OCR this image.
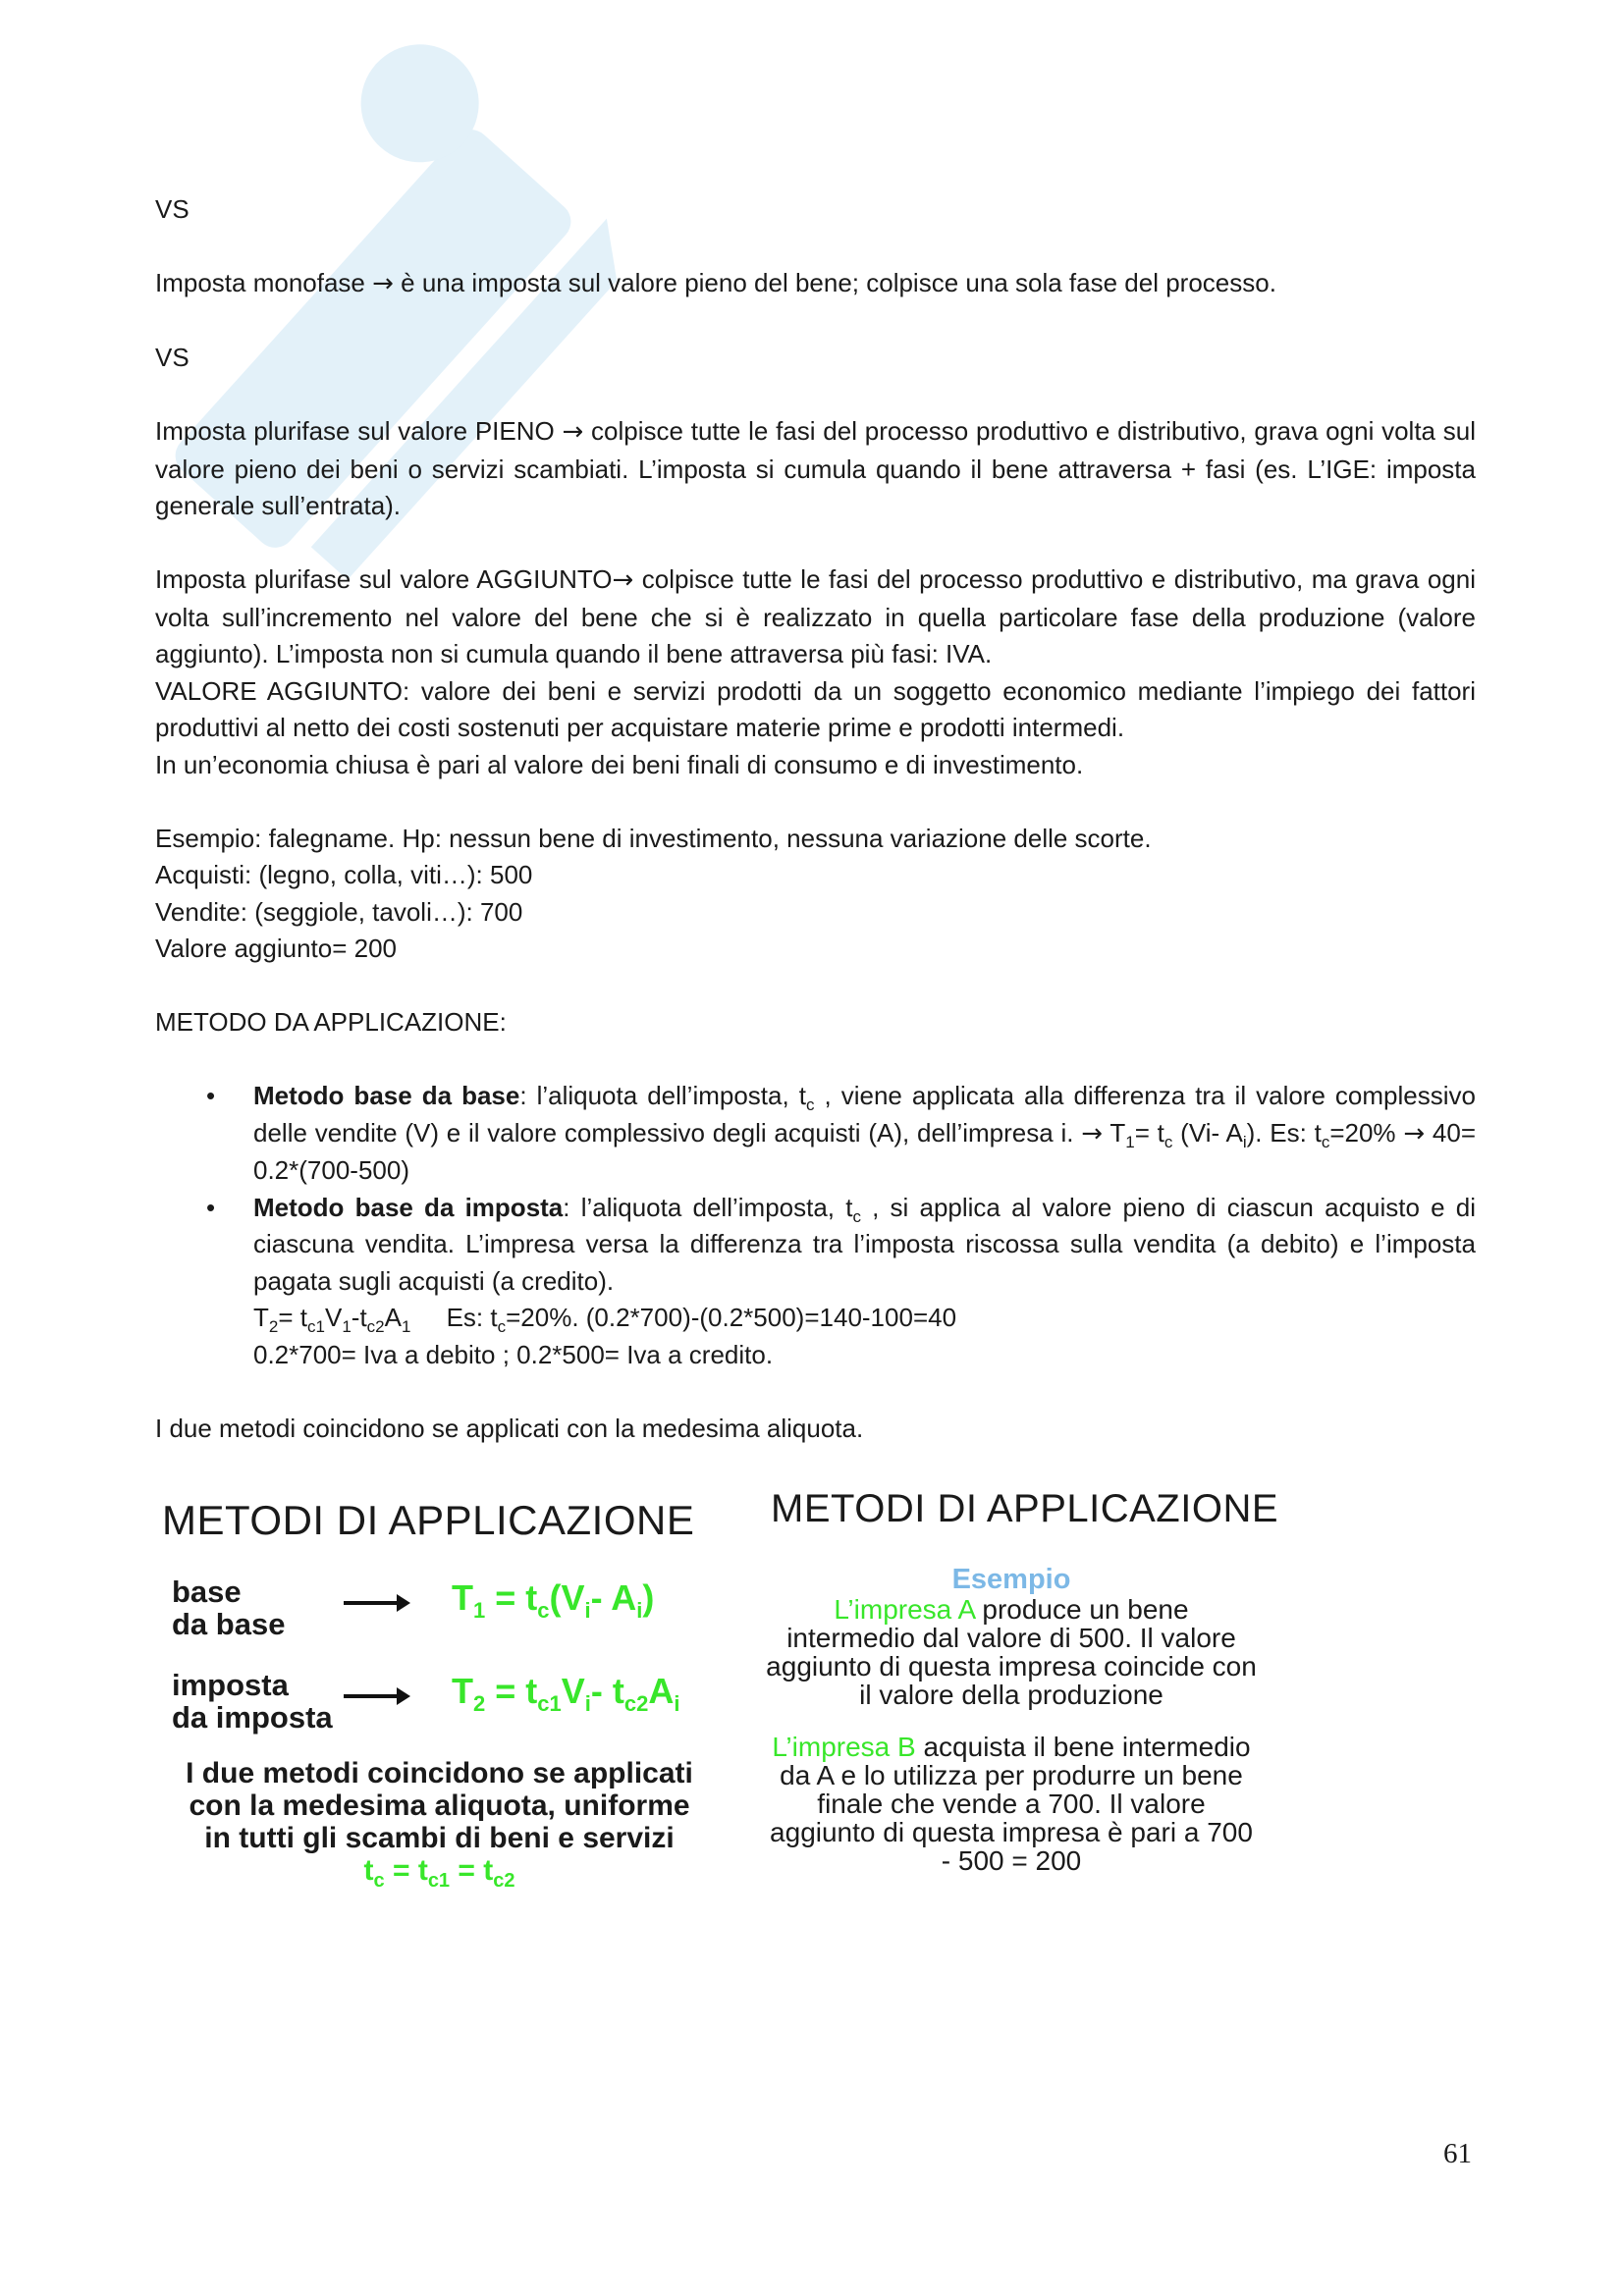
VS

Imposta monofase → è una imposta sul valore pieno del bene; colpisce una sola fase del processo.

VS

Imposta plurifase sul valore PIENO → colpisce tutte le fasi del processo produttivo e distributivo, grava ogni volta sul valore pieno dei beni o servizi scambiati. L’imposta si cumula quando il bene attraversa + fasi (es. L’IGE: imposta generale sull’entrata).

Imposta plurifase sul valore AGGIUNTO→ colpisce tutte le fasi del processo produttivo e distributivo, ma grava ogni volta sull’incremento nel valore del bene che si è realizzato in quella particolare fase della produzione (valore aggiunto). L’imposta non si cumula quando il bene attraversa più fasi: IVA.

VALORE AGGIUNTO: valore dei beni e servizi prodotti da un soggetto economico mediante l’impiego dei fattori produttivi al netto dei costi sostenuti per acquistare materie prime e prodotti intermedi.

In un’economia chiusa è pari al valore dei beni finali di consumo e di investimento.

Esempio: falegname. Hp: nessun bene di investimento, nessuna variazione delle scorte.

Acquisti: (legno, colla, viti…): 500

Vendite: (seggiole, tavoli…): 700

Valore aggiunto= 200

METODO DA APPLICAZIONE:

• Metodo base da base: l’aliquota dell’imposta, $t_c$ , viene applicata alla differenza tra il valore complessivo delle vendite (V) e il valore complessivo degli acquisti (A), dell’impresa i. → $T_1= t_c$ (Vi- $A_i$). Es: $t_c=20\% \to 40= 0.2*(700-500)$
• Metodo base da imposta: l’aliquota dell’imposta, $t_c$ , si applica al valore pieno di ciascun acquisto e di ciascuna vendita. L’impresa versa la differenza tra l’imposta riscossa sulla vendita (a debito) e l’imposta pagata sugli acquisti (a credito).

$T_2= t_{c1}V_1-t_{c2}A_1$     Es: $t_c=20\%$. (0.2*700)-(0.2*500)=140-100=40

0.2*700= Iva a debito ; 0.2*500= Iva a credito.

I due metodi coincidono se applicati con la medesima aliquota.

METODI DI APPLICAZIONE
base
da base
$T_1 = t_c(V_i-$ $A_i$)
imposta
da imposta
$T_2 = t_{c1}V_i-$ $t_{c2}A_i$
I due metodi coincidono se applicati
con la medesima aliquota, uniforme
in tutti gli scambi di beni e servizi
$t_c = t_{c1} = t_{c2}$
METODI DI APPLICAZIONE
Esempio
L’impresa A produce un bene
intermedio dal valore di 500. Il valore
aggiunto di questa impresa coincide con
il valore della produzione
L’impresa B acquista il bene intermedio
da A e lo utilizza per produrre un bene
finale che vende a 700. Il valore
aggiunto di questa impresa è pari a 700
- 500 = 200
61
